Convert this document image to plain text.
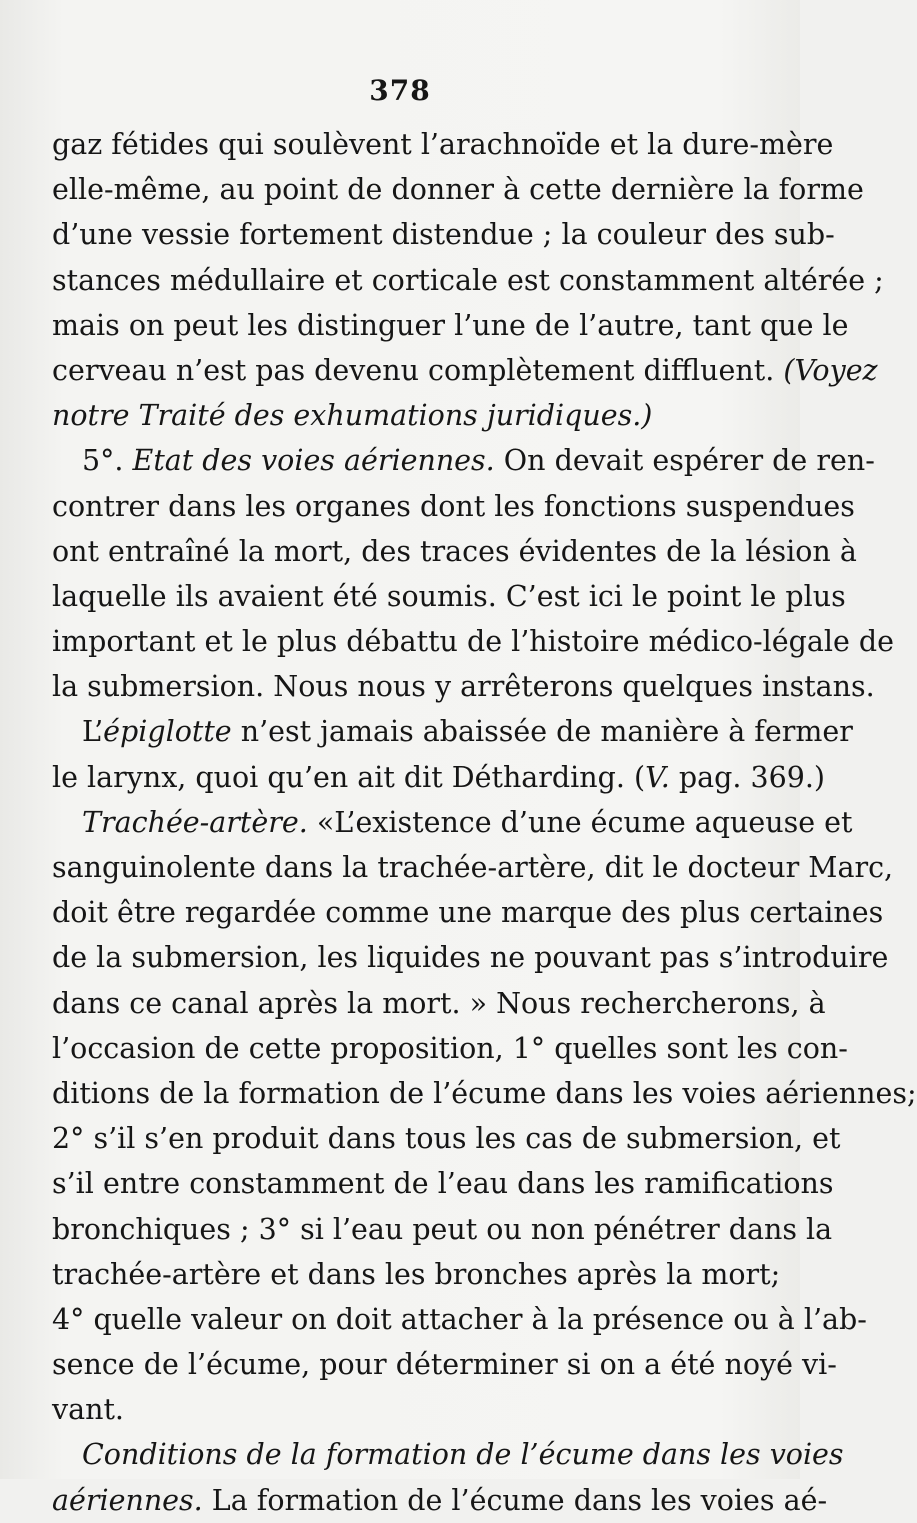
378
gaz fétides qui soulèvent l’arachnoïde et la dure-mère
elle-même, au point de donner à cette dernière la forme
d’une vessie fortement distendue ; la couleur des sub-
stances médullaire et corticale est constamment altérée ;
mais on peut les distinguer l’une de l’autre, tant que le
cerveau n’est pas devenu complètement diffluent. (Voyez
notre Traité des exhumations juridiques.)
5°. Etat des voies aériennes. On devait espérer de ren-
contrer dans les organes dont les fonctions suspendues
ont entraîné la mort, des traces évidentes de la lésion à
laquelle ils avaient été soumis. C’est ici le point le plus
important et le plus débattu de l’histoire médico-légale de
la submersion. Nous nous y arrêterons quelques instans.
L’épiglotte n’est jamais abaissée de manière à fermer
le larynx, quoi qu’en ait dit Détharding. (V. pag. 369.)
Trachée-artère. «L’existence d’une écume aqueuse et
sanguinolente dans la trachée-artère, dit le docteur Marc,
doit être regardée comme une marque des plus certaines
de la submersion, les liquides ne pouvant pas s’introduire
dans ce canal après la mort. » Nous rechercherons, à
l’occasion de cette proposition, 1° quelles sont les con-
ditions de la formation de l’écume dans les voies aériennes;
2° s’il s’en produit dans tous les cas de submersion, et
s’il entre constamment de l’eau dans les ramifications
bronchiques ; 3° si l’eau peut ou non pénétrer dans la
trachée-artère et dans les bronches après la mort;
4° quelle valeur on doit attacher à la présence ou à l’ab-
sence de l’écume, pour déterminer si on a été noyé vi-
vant.
Conditions de la formation de l’écume dans les voies
aériennes. La formation de l’écume dans les voies aé-
